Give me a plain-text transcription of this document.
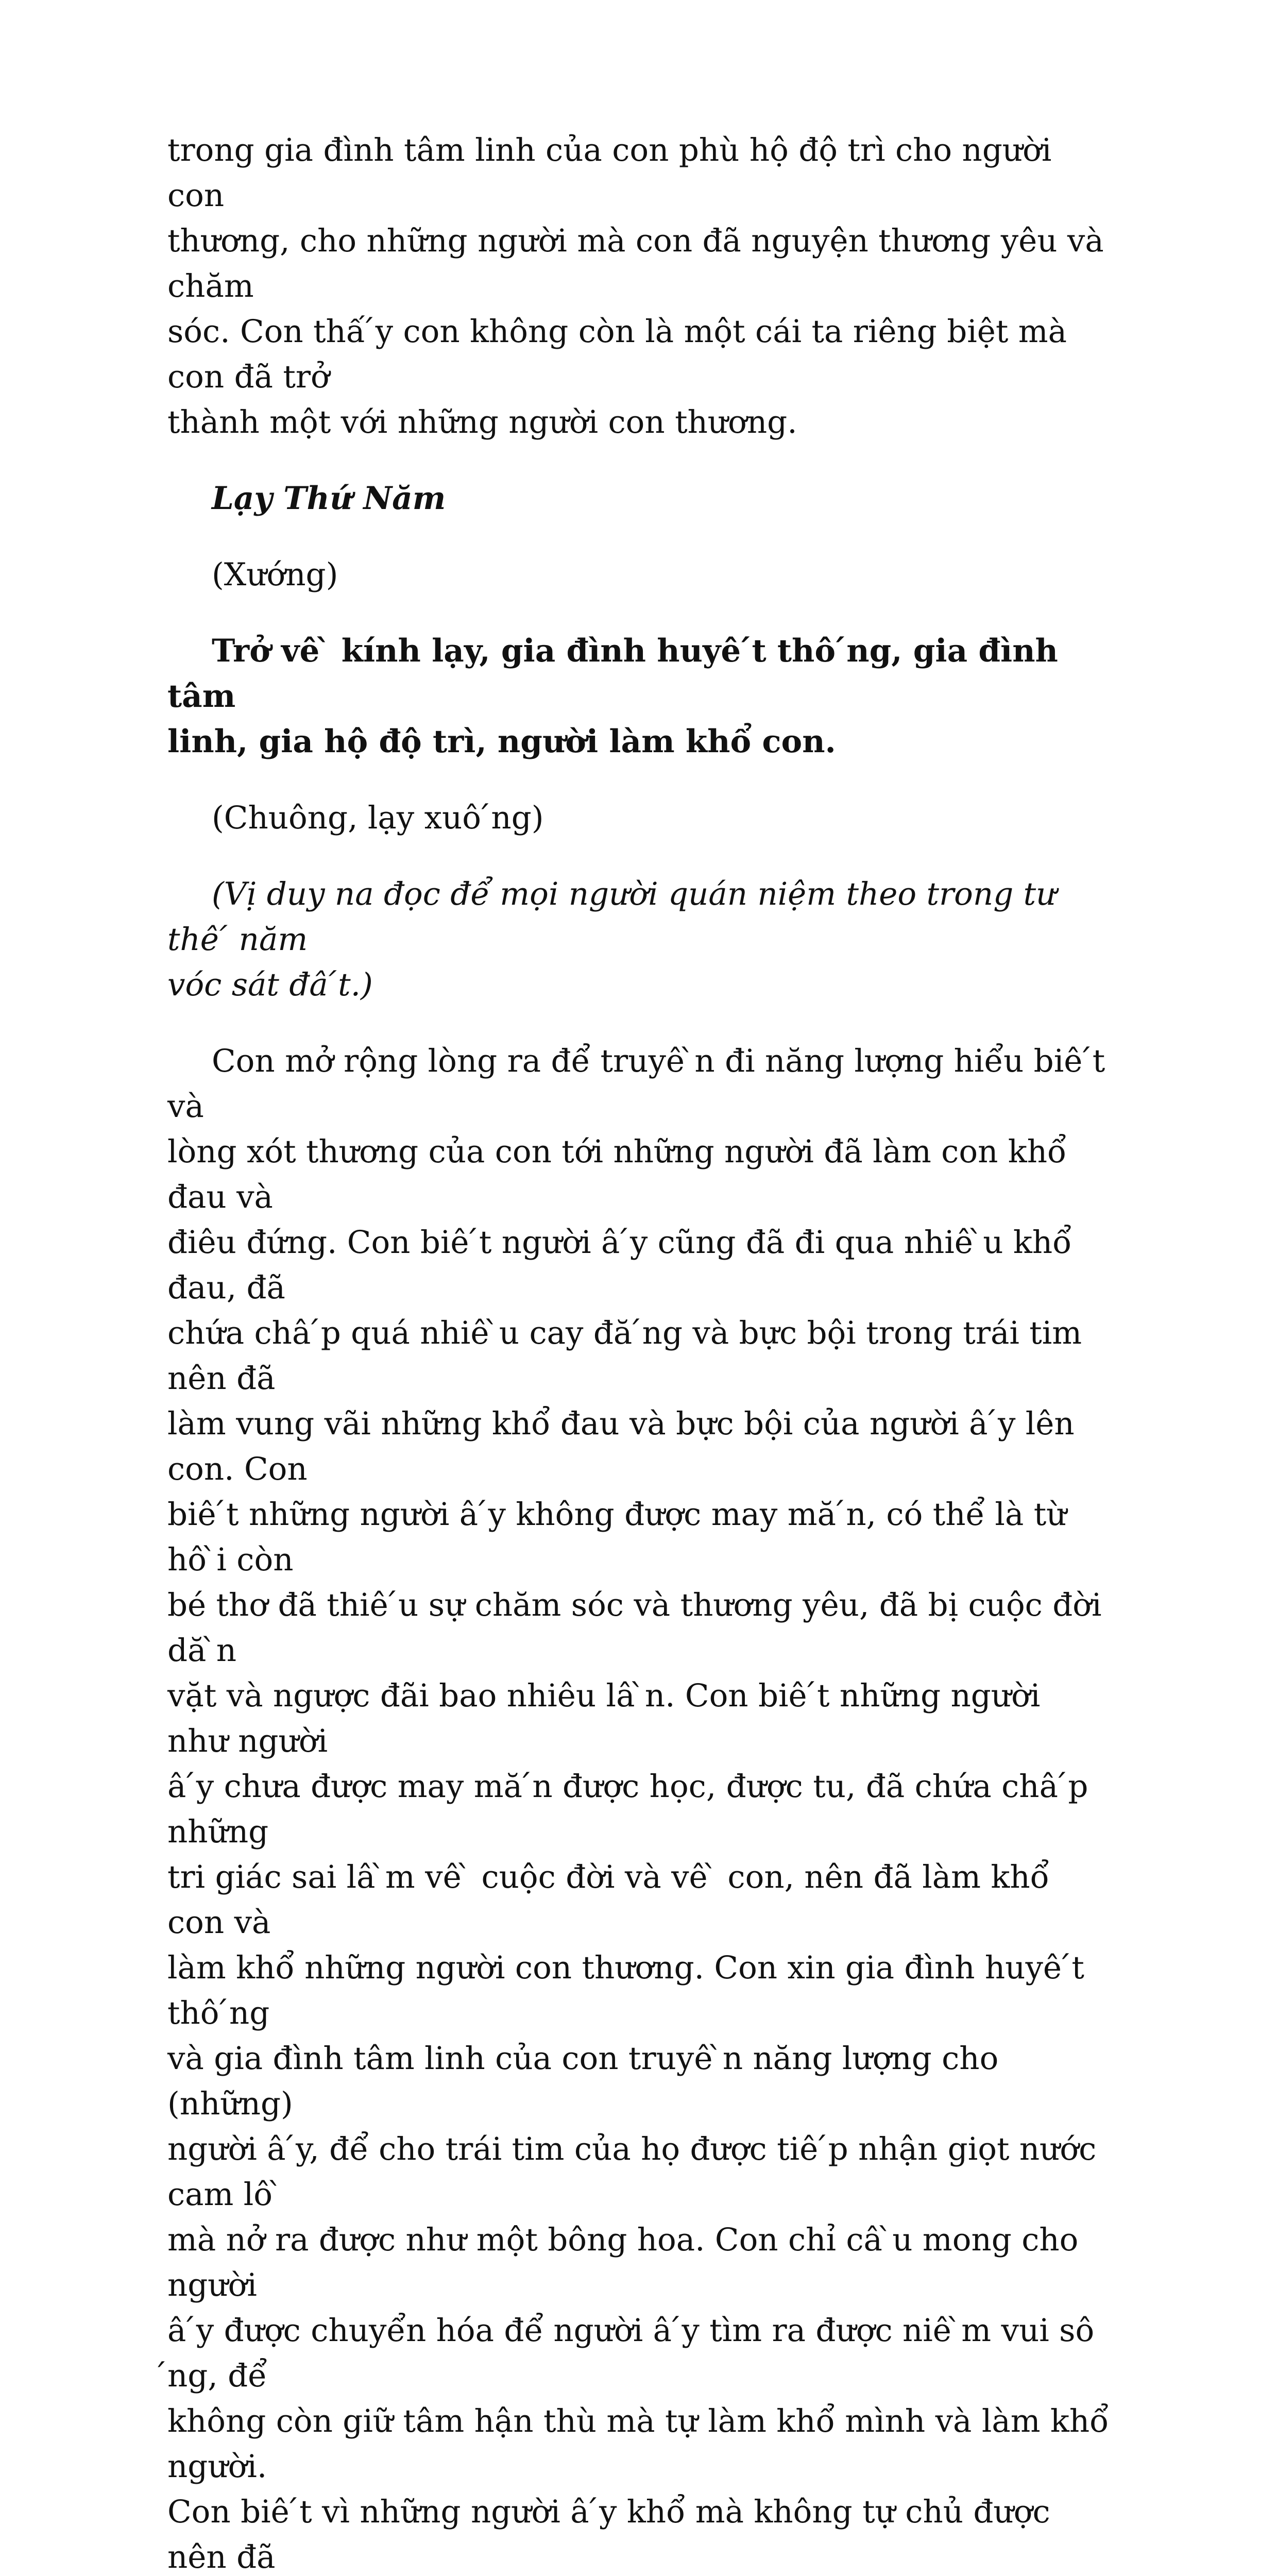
trong gia đình tâm linh của con phù hộ độ trì cho người con
thương, cho những người mà con đã nguyện thương yêu và chăm
sóc. Con thấ ́y con không còn là một cái ta riêng biệt mà con đã trở
thành một với những người con thương.

Lạy Thứ Năm

(Xướng)

Trở vê ̀ kính lạy, gia đình huyê ́t thô ́ng, gia đình tâm
linh, gia hộ độ trì, người làm khổ con.

(Chuông, lạy xuô ́ng)

(Vị duy na đọc để mọi người quán niệm theo trong tư thê ́ năm
vóc sát đâ ́t.)

Con mở rộng lòng ra để truyê ̀n đi năng lượng hiểu biê ́t và
lòng xót thương của con tới những người đã làm con khổ đau và
điêu đứng. Con biê ́t người â ́y cũng đã đi qua nhiê ̀u khổ đau, đã
chứa châ ́p quá nhiê ̀u cay đă ́ng và bực bội trong trái tim nên đã
làm vung vãi những khổ đau và bực bội của người â ́y lên con. Con
biê ́t những người â ́y không được may mă ́n, có thể là từ hô ̀i còn
bé thơ đã thiê ́u sự chăm sóc và thương yêu, đã bị cuộc đời dă ̀n
vặt và ngược đãi bao nhiêu lâ ̀n. Con biê ́t những người như người
â ́y chưa được may mă ́n được học, được tu, đã chứa châ ́p những
tri giác sai lâ ̀m vê ̀ cuộc đời và vê ̀ con, nên đã làm khổ con và
làm khổ những người con thương. Con xin gia đình huyê ́t thô ́ng
và gia đình tâm linh của con truyê ̀n năng lượng cho (những)
người â ́y, để cho trái tim của họ được tiê ́p nhận giọt nước cam lô ̀
mà nở ra được như một bông hoa. Con chỉ câ ̀u mong cho người
â ́y được chuyển hóa để người â ́y tìm ra được niê ̀m vui sô ́ng, để
không còn giữ tâm hận thù mà tự làm khổ mình và làm khổ người.
Con biê ́t vì những người â ́y khổ mà không tự chủ được nên đã
